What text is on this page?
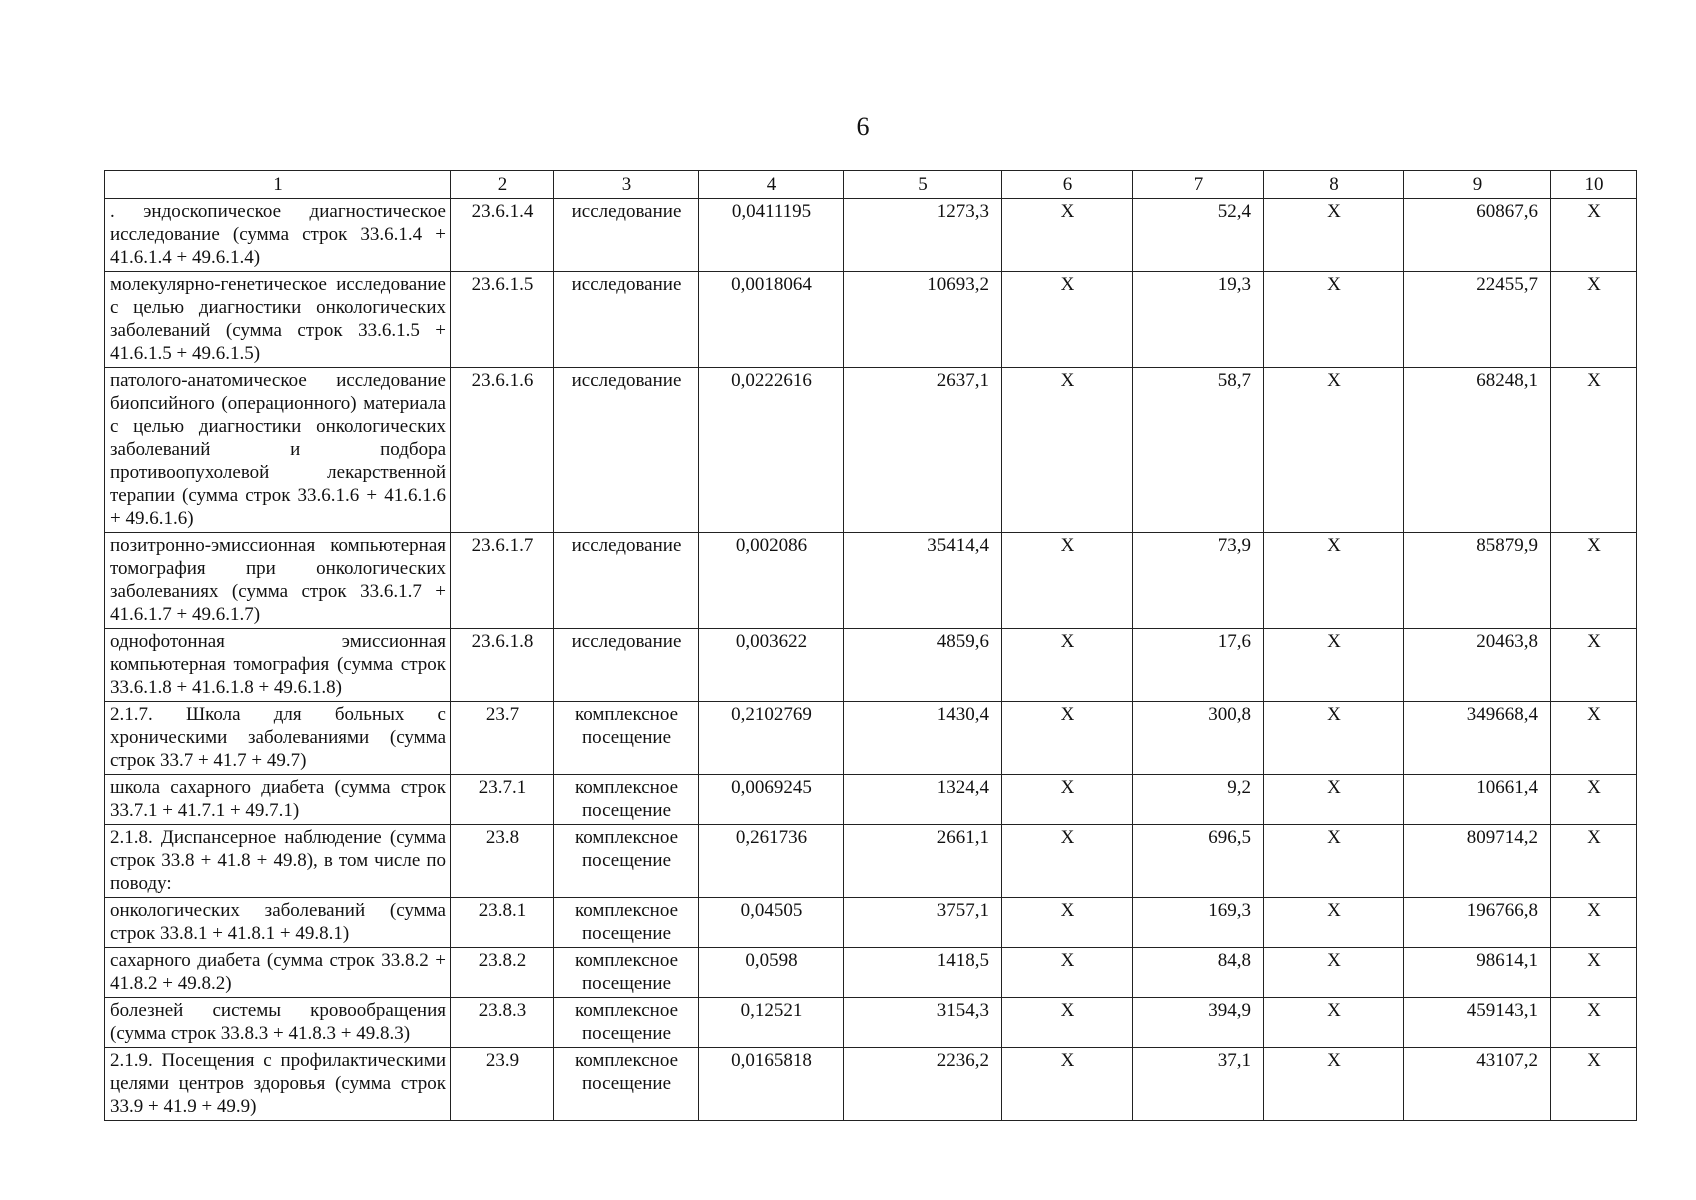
6
1	2	3	4	5	6	7	8	9	10
. эндоскопическое диагностическое исследование (сумма строк 33.6.1.4 + 41.6.1.4 + 49.6.1.4)	23.6.1.4	исследование	0,0411195	1273,3	X	52,4	X	60867,6	X
молекулярно-генетическое исследование с целью диагностики онкологических заболеваний (сумма строк 33.6.1.5 + 41.6.1.5 + 49.6.1.5)	23.6.1.5	исследование	0,0018064	10693,2	X	19,3	X	22455,7	X
патолого-анатомическое исследование биопсийного (операционного) материала с целью диагностики онкологических заболеваний и подбора противоопухолевой лекарственной терапии (сумма строк 33.6.1.6 + 41.6.1.6 + 49.6.1.6)	23.6.1.6	исследование	0,0222616	2637,1	X	58,7	X	68248,1	X
позитронно-эмиссионная компьютерная томография при онкологических заболеваниях (сумма строк 33.6.1.7 + 41.6.1.7 + 49.6.1.7)	23.6.1.7	исследование	0,002086	35414,4	X	73,9	X	85879,9	X
однофотонная эмиссионная компьютерная томография (сумма строк 33.6.1.8 + 41.6.1.8 + 49.6.1.8)	23.6.1.8	исследование	0,003622	4859,6	X	17,6	X	20463,8	X
2.1.7. Школа для больных с хроническими заболеваниями (сумма строк 33.7 + 41.7 + 49.7)	23.7	комплексное посещение	0,2102769	1430,4	X	300,8	X	349668,4	X
школа сахарного диабета (сумма строк 33.7.1 + 41.7.1 + 49.7.1)	23.7.1	комплексное посещение	0,0069245	1324,4	X	9,2	X	10661,4	X
2.1.8. Диспансерное наблюдение (сумма строк 33.8 + 41.8 + 49.8), в том числе по поводу:	23.8	комплексное посещение	0,261736	2661,1	X	696,5	X	809714,2	X
онкологических заболеваний (сумма строк 33.8.1 + 41.8.1 + 49.8.1)	23.8.1	комплексное посещение	0,04505	3757,1	X	169,3	X	196766,8	X
сахарного диабета (сумма строк 33.8.2 + 41.8.2 + 49.8.2)	23.8.2	комплексное посещение	0,0598	1418,5	X	84,8	X	98614,1	X
болезней системы кровообращения (сумма строк 33.8.3 + 41.8.3 + 49.8.3)	23.8.3	комплексное посещение	0,12521	3154,3	X	394,9	X	459143,1	X
2.1.9. Посещения с профилактическими целями центров здоровья (сумма строк 33.9 + 41.9 + 49.9)	23.9	комплексное посещение	0,0165818	2236,2	X	37,1	X	43107,2	X
